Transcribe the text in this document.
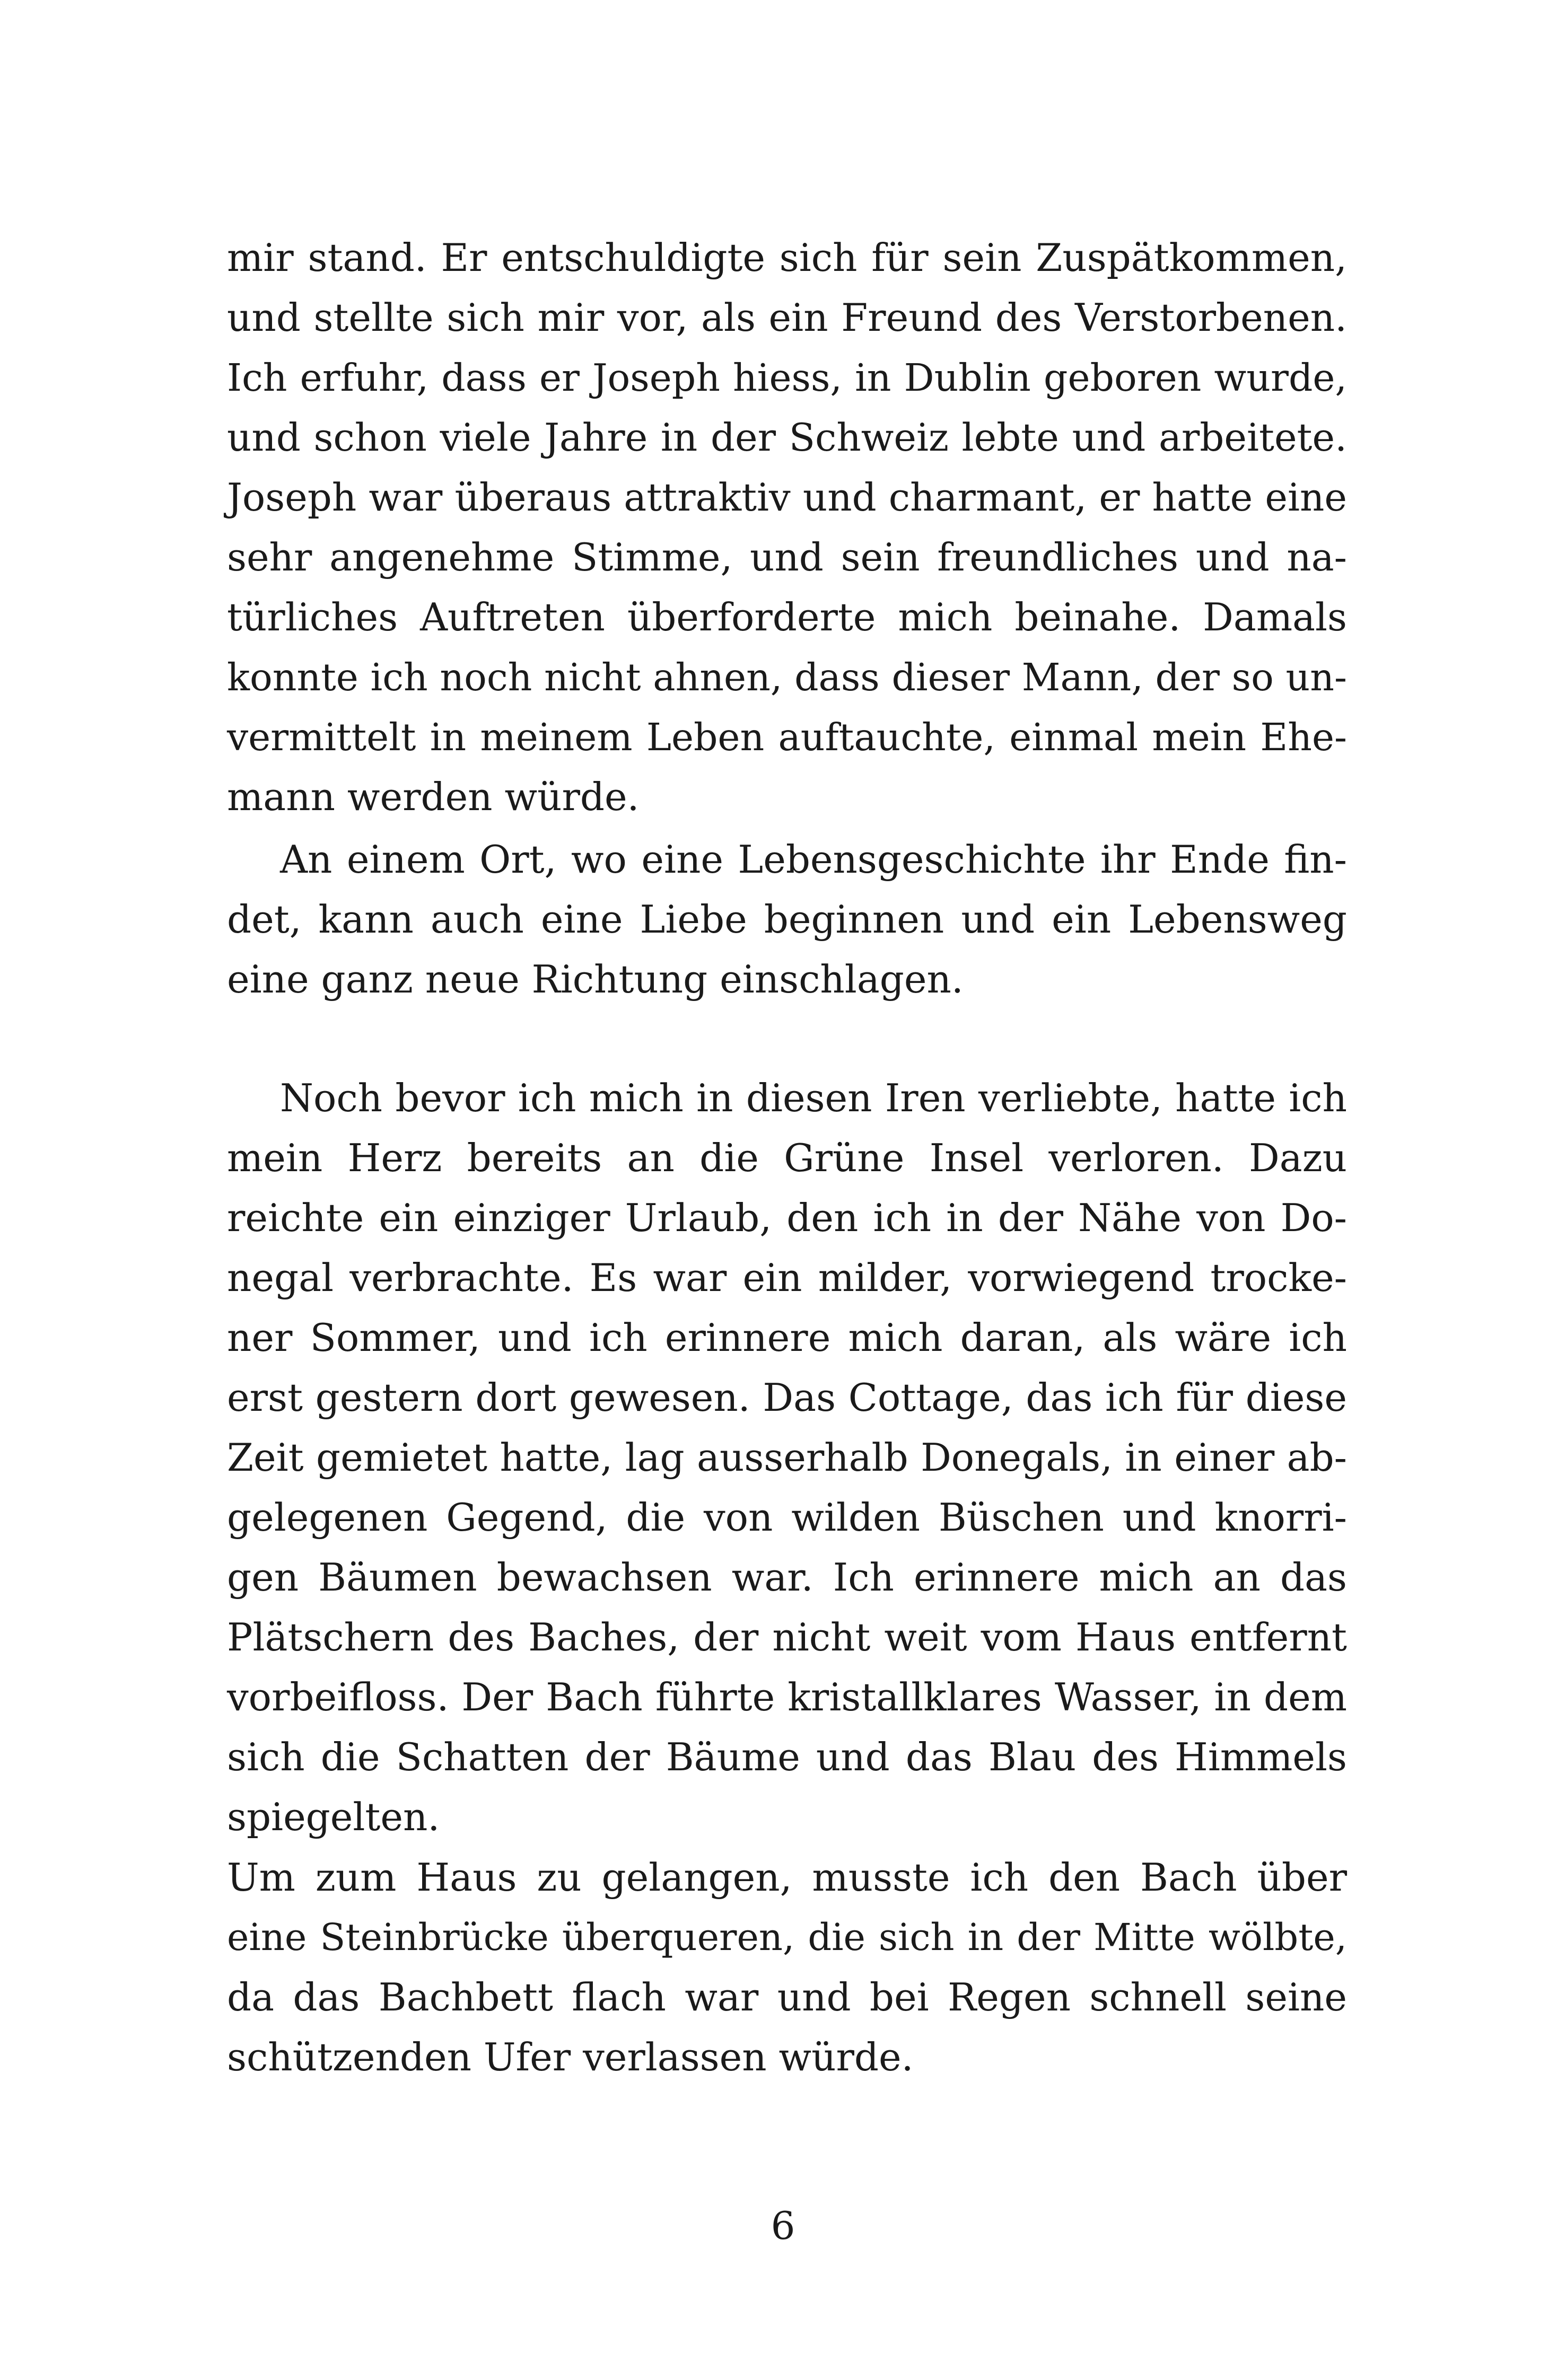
mir stand. Er entschuldigte sich für sein Zuspätkommen,
und stellte sich mir vor, als ein Freund des Verstorbenen.
Ich erfuhr, dass er Joseph hiess, in Dublin geboren wurde,
und schon viele Jahre in der Schweiz lebte und arbeitete.
Joseph war überaus attraktiv und charmant, er hatte eine
sehr angenehme Stimme, und sein freundliches und na-
türliches Auftreten überforderte mich beinahe. Damals
konnte ich noch nicht ahnen, dass dieser Mann, der so un-
vermittelt in meinem Leben auftauchte, einmal mein Ehe-
mann werden würde.
An einem Ort, wo eine Lebensgeschichte ihr Ende fin-
det, kann auch eine Liebe beginnen und ein Lebensweg
eine ganz neue Richtung einschlagen.
Noch bevor ich mich in diesen Iren verliebte, hatte ich
mein Herz bereits an die Grüne Insel verloren. Dazu
reichte ein einziger Urlaub, den ich in der Nähe von Do-
negal verbrachte. Es war ein milder, vorwiegend trocke-
ner Sommer, und ich erinnere mich daran, als wäre ich
erst gestern dort gewesen. Das Cottage, das ich für diese
Zeit gemietet hatte, lag ausserhalb Donegals, in einer ab-
gelegenen Gegend, die von wilden Büschen und knorri-
gen Bäumen bewachsen war. Ich erinnere mich an das
Plätschern des Baches, der nicht weit vom Haus entfernt
vorbeifloss. Der Bach führte kristallklares Wasser, in dem
sich die Schatten der Bäume und das Blau des Himmels
spiegelten.
Um zum Haus zu gelangen, musste ich den Bach über
eine Steinbrücke überqueren, die sich in der Mitte wölbte,
da das Bachbett flach war und bei Regen schnell seine
schützenden Ufer verlassen würde.
6
